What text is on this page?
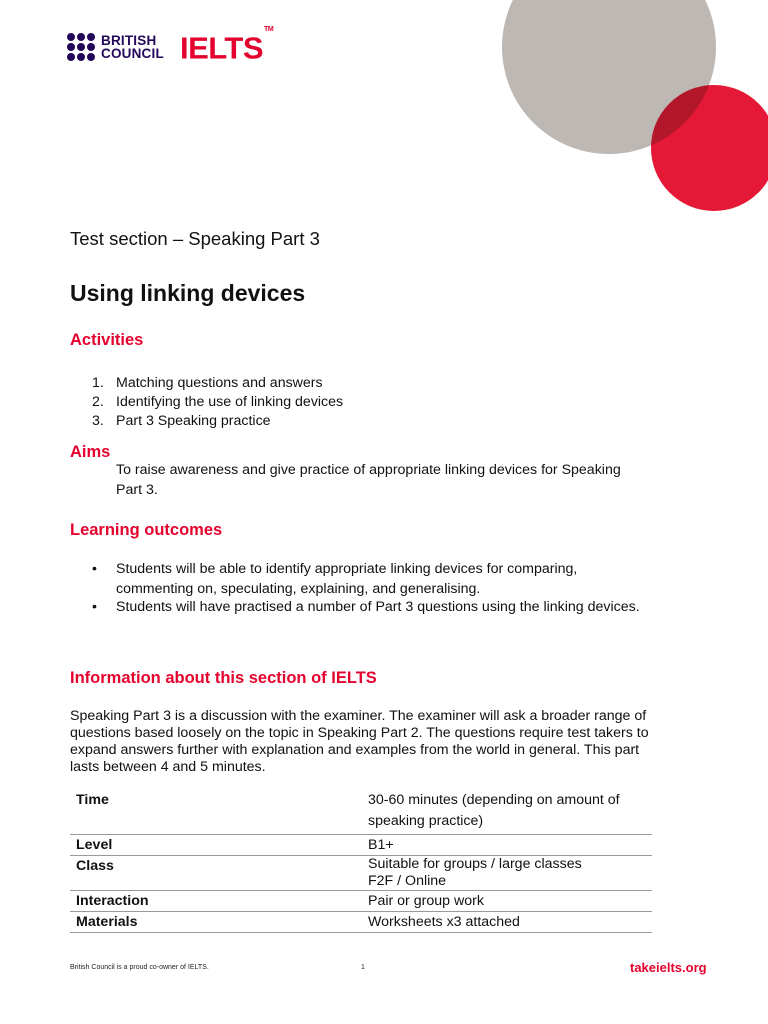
BRITISH
COUNCIL IELTS™
Test section – Speaking Part 3
Using linking devices
Activities
1. Matching questions and answers
2. Identifying the use of linking devices
3. Part 3 Speaking practice
Aims
To raise awareness and give practice of appropriate linking devices for Speaking Part 3.
Learning outcomes
• Students will be able to identify appropriate linking devices for comparing, commenting on, speculating, explaining, and generalising.
• Students will have practised a number of Part 3 questions using the linking devices.
Information about this section of IELTS
Speaking Part 3 is a discussion with the examiner. The examiner will ask a broader range of questions based loosely on the topic in Speaking Part 2. The questions require test takers to expand answers further with explanation and examples from the world in general. This part lasts between 4 and 5 minutes.
Time	30-60 minutes (depending on amount of speaking practice)
Level	B1+
Class	Suitable for groups / large classes
F2F / Online

Interaction	Pair or group work
Materials	Worksheets x3 attached
British Council is a proud co-owner of IELTS.	1	takeielts.org
